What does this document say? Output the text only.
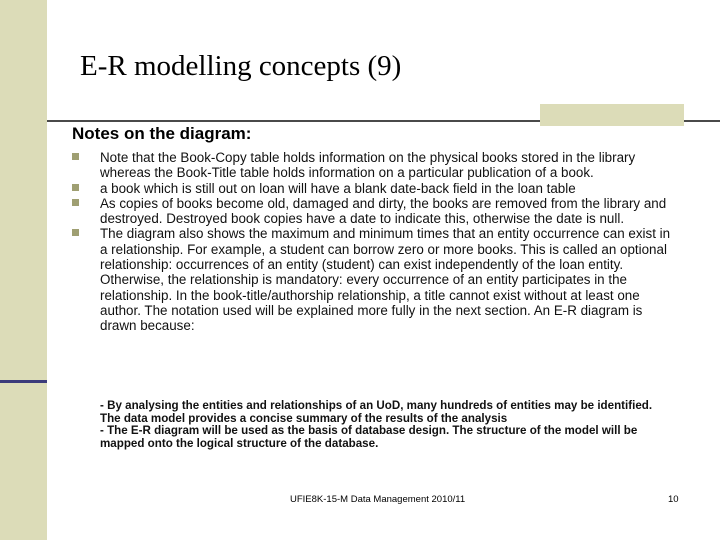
E-R modelling concepts (9)
Notes on the diagram:
Note that the Book-Copy table holds information on the physical books stored in the library whereas the Book-Title table holds information on a particular publication of a book.
a book which is still out on loan will have a blank date-back field in the loan table
As copies of books become old, damaged and dirty, the books are removed from the library and destroyed. Destroyed book copies have a date to indicate this, otherwise the date is null.
The diagram also shows the maximum and minimum times that an entity occurrence can exist in a relationship. For example, a student can borrow zero or more books. This is called an optional relationship: occurrences of an entity (student) can exist independently of the loan entity. Otherwise, the relationship is mandatory: every occurrence of an entity participates in the relationship. In the book-title/authorship relationship, a title cannot exist without at least one author. The notation used will be explained more fully in the next section. An E-R diagram is drawn because:

- By analysing the entities and relationships of an UoD, many hundreds of entities may be identified. The data model provides a concise summary of the results of the analysis

- The E-R diagram will be used as the basis of database design. The structure of the model will be mapped onto the logical structure of the database.

UFIE8K-15-M Data Management 2010/11	10
